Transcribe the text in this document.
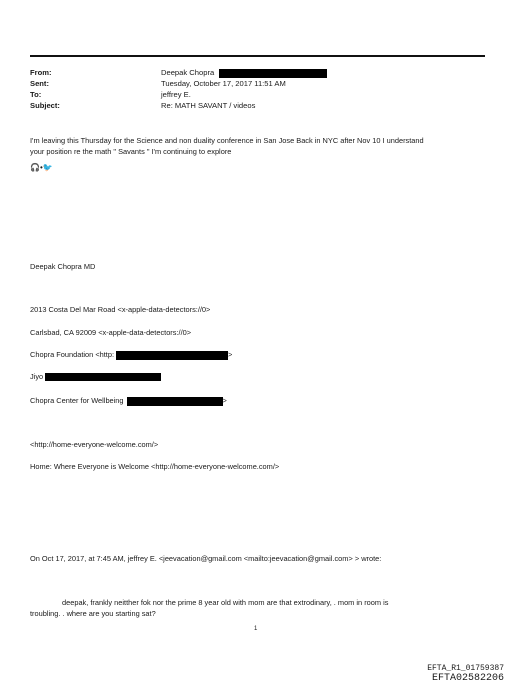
From:	Deepak Chopra
Sent:	Tuesday, October 17, 2017 11:51 AM
To:	jeffrey E.
Subject:	Re: MATH SAVANT / videos
I'm leaving this Thursday for the Science and non duality conference in San Jose Back in NYC after Nov 10 I understand
your position re the math " Savants " I'm continuing to explore
🎧•🐦
Deepak Chopra MD
2013 Costa Del Mar Road <x-apple-data-detectors://0>
Carlsbad, CA 92009 <x-apple-data-detectors://0>
Chopra Foundation <http:	>
Jiyo
Chopra Center for Wellbeing	>
<http://home-everyone-welcome.com/>
Home: Where Everyone is Welcome <http://home-everyone-welcome.com/>
On Oct 17, 2017, at 7:45 AM, jeffrey E. <jeevacation@gmail.com <mailto:jeevacation@gmail.com> > wrote:
deepak, frankly neitther fok nor the prime 8 year old with mom are that extrodinary, . mom in room is
troubling. . where are you starting sat?
1
EFTA_R1_01759387
EFTA02582206
